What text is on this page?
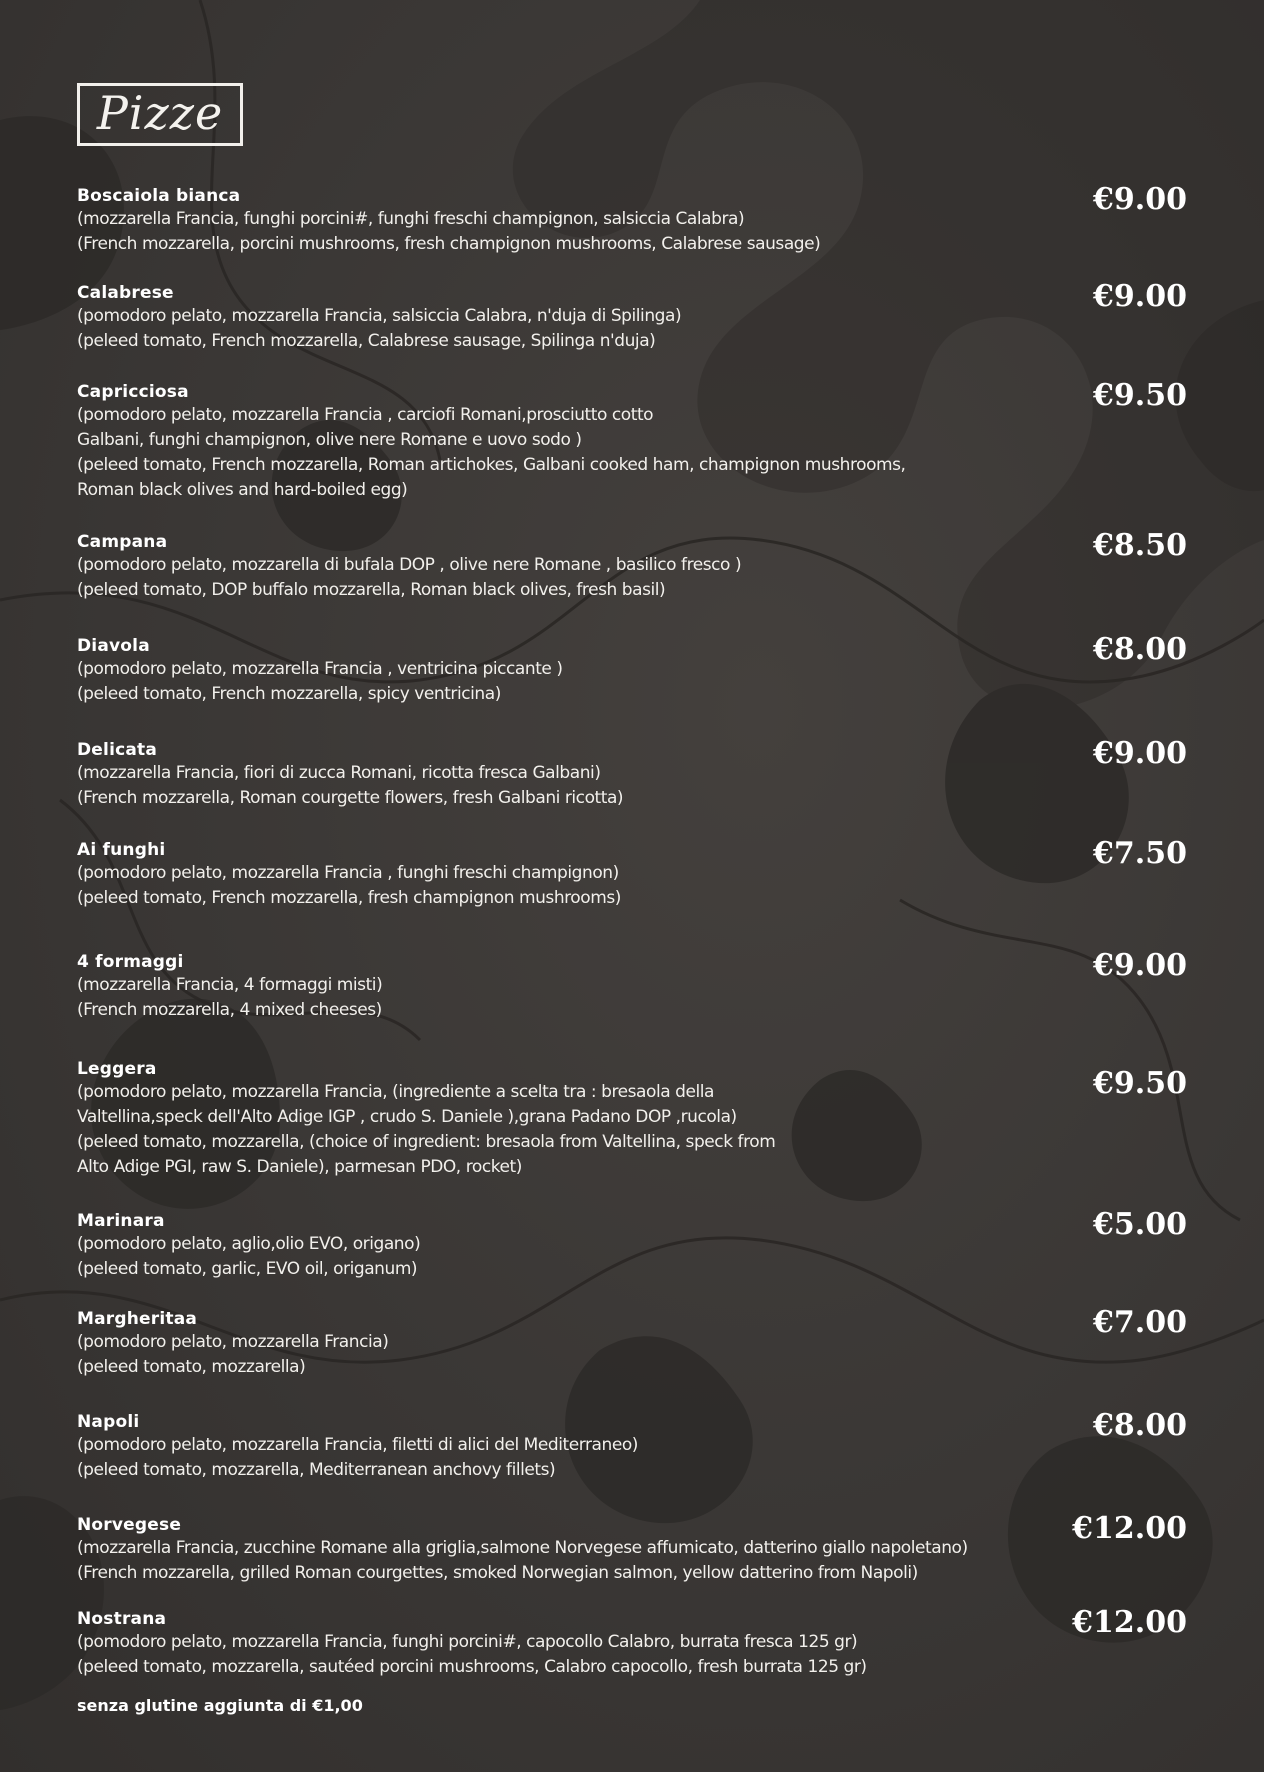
Pizze
Boscaiola bianca
(mozzarella Francia, funghi porcini#, funghi freschi champignon, salsiccia Calabra)
(French mozzarella, porcini mushrooms, fresh champignon mushrooms, Calabrese sausage)
€9.00
Calabrese
(pomodoro pelato, mozzarella Francia, salsiccia Calabra, n'duja di Spilinga)
(peleed tomato, French mozzarella, Calabrese sausage, Spilinga n'duja)
€9.00
Capricciosa
(pomodoro pelato, mozzarella Francia , carciofi Romani,prosciutto cotto
Galbani, funghi champignon, olive nere Romane e uovo sodo )
(peleed tomato, French mozzarella, Roman artichokes, Galbani cooked ham, champignon mushrooms,
Roman black olives and hard-boiled egg)
€9.50
Campana
(pomodoro pelato, mozzarella di bufala DOP , olive nere Romane , basilico fresco )
(peleed tomato, DOP buffalo mozzarella, Roman black olives, fresh basil)
€8.50
Diavola
(pomodoro pelato, mozzarella Francia , ventricina piccante )
(peleed tomato, French mozzarella, spicy ventricina)
€8.00
Delicata
(mozzarella Francia, fiori di zucca Romani, ricotta fresca Galbani)
(French mozzarella, Roman courgette flowers, fresh Galbani ricotta)
€9.00
Ai funghi
(pomodoro pelato, mozzarella Francia , funghi freschi champignon)
(peleed tomato, French mozzarella, fresh champignon mushrooms)
€7.50
4 formaggi
(mozzarella Francia, 4 formaggi misti)
(French mozzarella, 4 mixed cheeses)
€9.00
Leggera
(pomodoro pelato, mozzarella Francia, (ingrediente a scelta tra : bresaola della
Valtellina,speck dell'Alto Adige IGP , crudo S. Daniele ),grana Padano DOP ,rucola)
(peleed tomato, mozzarella, (choice of ingredient: bresaola from Valtellina, speck from
Alto Adige PGI, raw S. Daniele), parmesan PDO, rocket)
€9.50
Marinara
(pomodoro pelato, aglio,olio EVO, origano)
(peleed tomato, garlic, EVO oil, origanum)
€5.00
Margheritaa
(pomodoro pelato, mozzarella Francia)
(peleed tomato, mozzarella)
€7.00
Napoli
(pomodoro pelato, mozzarella Francia, filetti di alici del Mediterraneo)
(peleed tomato, mozzarella, Mediterranean anchovy fillets)
€8.00
Norvegese
(mozzarella Francia, zucchine Romane alla griglia,salmone Norvegese affumicato, datterino giallo napoletano)
(French mozzarella, grilled Roman courgettes, smoked Norwegian salmon, yellow datterino from Napoli)
€12.00
Nostrana
(pomodoro pelato, mozzarella Francia, funghi porcini#, capocollo Calabro, burrata fresca 125 gr)
(peleed tomato, mozzarella, sautéed porcini mushrooms, Calabro capocollo, fresh burrata 125 gr)
€12.00
senza glutine aggiunta di €1,00
